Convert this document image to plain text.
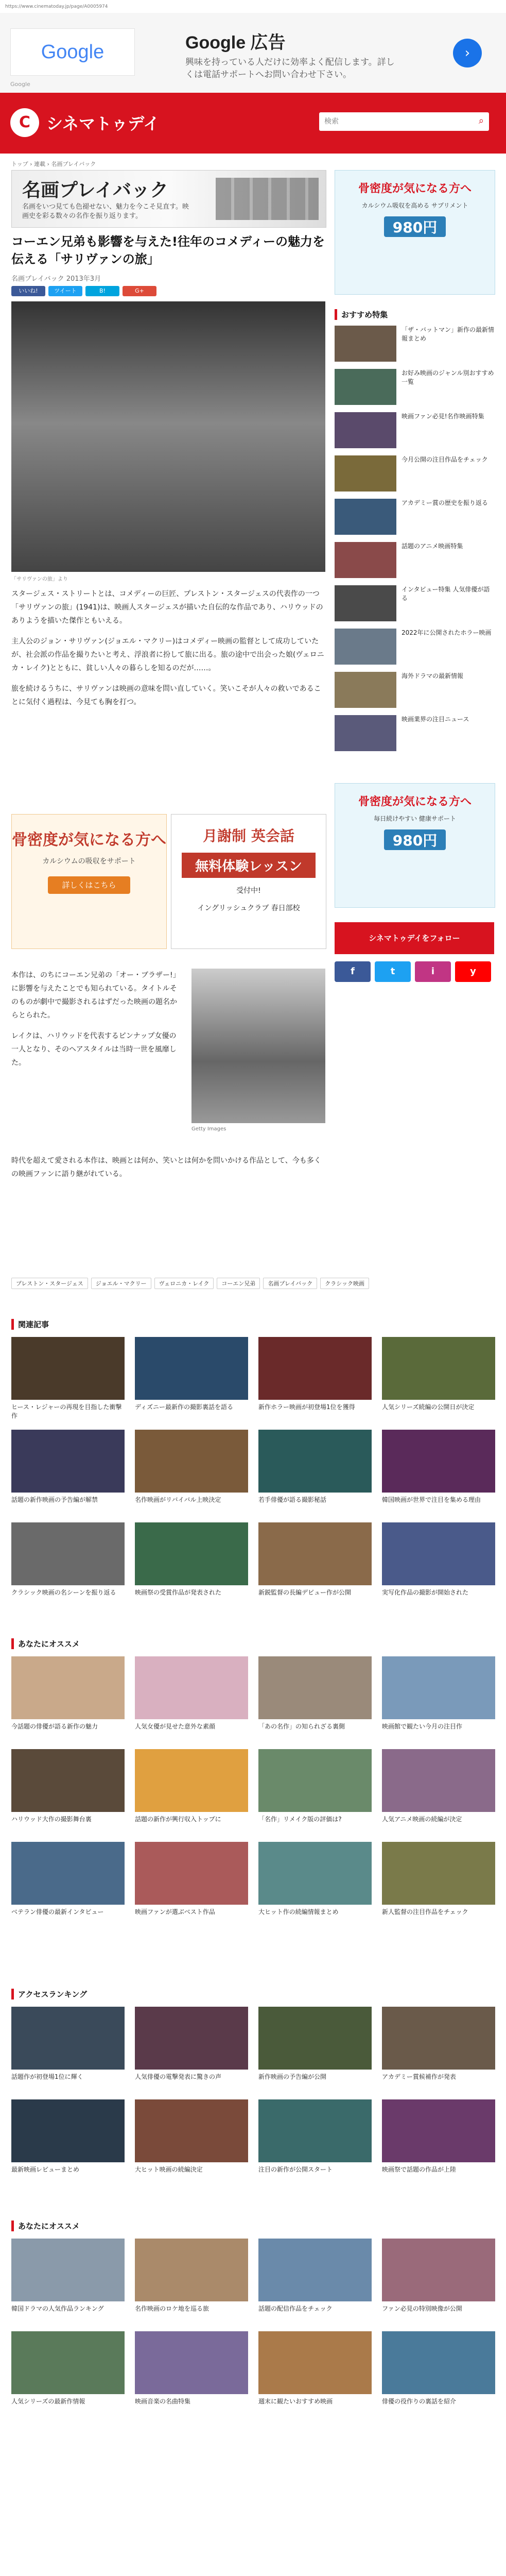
https://www.cinematoday.jp/page/A0005974
Google	Google 広告
興味を持っている人だけに効率よく配信します。詳しくは電話サポートへお問い合わせ下さい。
›
Google
C シネマトゥデイ
検索	⌕
トップ › 連載 › 名画プレイバック
名画プレイバック
名画をいつ見ても色褪せない、魅力を今こそ見直す。映画史を彩る数々の名作を振り返ります。
コーエン兄弟も影響を与えた!往年のコメディーの魅力を伝える「サリヴァンの旅」
名画プレイバック 2013年3月
いいね!	ツイート	B!	G+
「サリヴァンの旅」より

スタージェス・ストリートとは、コメディーの巨匠、プレストン・スタージェスの代表作の一つ「サリヴァンの旅」(1941)は、映画人スタージェスが描いた自伝的な作品であり、ハリウッドのありようを描いた傑作ともいえる。

主人公のジョン・サリヴァン(ジョエル・マクリー)はコメディー映画の監督として成功していたが、社会派の作品を撮りたいと考え、浮浪者に扮して旅に出る。旅の途中で出会った娘(ヴェロニカ・レイク)とともに、貧しい人々の暮らしを知るのだが……。

旅を続けるうちに、サリヴァンは映画の意味を問い直していく。笑いこそが人々の救いであることに気付く過程は、今見ても胸を打つ。

骨密度が気になる方へ
カルシウムの吸収をサポート
詳しくはこちら
月謝制 英会話
無料体験レッスン
受付中!
イングリッシュクラブ 春日部校

本作は、のちにコーエン兄弟の「オー・ブラザー!」に影響を与えたことでも知られている。タイトルそのものが劇中で撮影されるはずだった映画の題名からとられた。

レイクは、ハリウッドを代表するピンナップ女優の一人となり、そのヘアスタイルは当時一世を風靡した。

Getty Images

時代を超えて愛される本作は、映画とは何か、笑いとは何かを問いかける作品として、今も多くの映画ファンに語り継がれている。

骨密度が気になる方へ
カルシウム吸収を高める サプリメント
980円
おすすめ特集
「ザ・バットマン」新作の最新情報まとめ
お好み映画のジャンル別おすすめ一覧
映画ファン必見!名作映画特集
今月公開の注目作品をチェック
アカデミー賞の歴史を振り返る
話題のアニメ映画特集
インタビュー特集 人気俳優が語る
2022年に公開されたホラー映画
海外ドラマの最新情報
映画業界の注目ニュース
骨密度が気になる方へ
毎日続けやすい 健康サポート
980円
シネマトゥデイをフォロー
f	t	i	y
プレストン・スタージェス	ジョエル・マクリー	ヴェロニカ・レイク	コーエン兄弟	名画プレイバック	クラシック映画
関連記事
ヒース・レジャーの再現を目指した衝撃作
ディズニー最新作の撮影裏話を語る	新作ホラー映画が初登場1位を獲得	人気シリーズ続編の公開日が決定
話題の新作映画の予告編が解禁	名作映画がリバイバル上映決定	若手俳優が語る撮影秘話	韓国映画が世界で注目を集める理由
クラシック映画の名シーンを振り返る	映画祭の受賞作品が発表された	新鋭監督の長編デビュー作が公開	実写化作品の撮影が開始された
あなたにオススメ
今話題の俳優が語る新作の魅力	人気女優が見せた意外な素顔	「あの名作」の知られざる裏側	映画館で観たい今月の注目作
ハリウッド大作の撮影舞台裏	話題の新作が興行収入トップに	「名作」リメイク版の評価は?	人気アニメ映画の続編が決定
ベテラン俳優の最新インタビュー	映画ファンが選ぶベスト作品	大ヒット作の続編情報まとめ	新人監督の注目作品をチェック
アクセスランキング
話題作が初登場1位に輝く	人気俳優の電撃発表に驚きの声	新作映画の予告編が公開	アカデミー賞候補作が発表
最新映画レビューまとめ	大ヒット映画の続編決定	注目の新作が公開スタート	映画祭で話題の作品が上陸
あなたにオススメ
韓国ドラマの人気作品ランキング	名作映画のロケ地を巡る旅	話題の配信作品をチェック	ファン必見の特別映像が公開
人気シリーズの最新作情報	映画音楽の名曲特集	週末に観たいおすすめ映画	俳優の役作りの裏話を紹介
